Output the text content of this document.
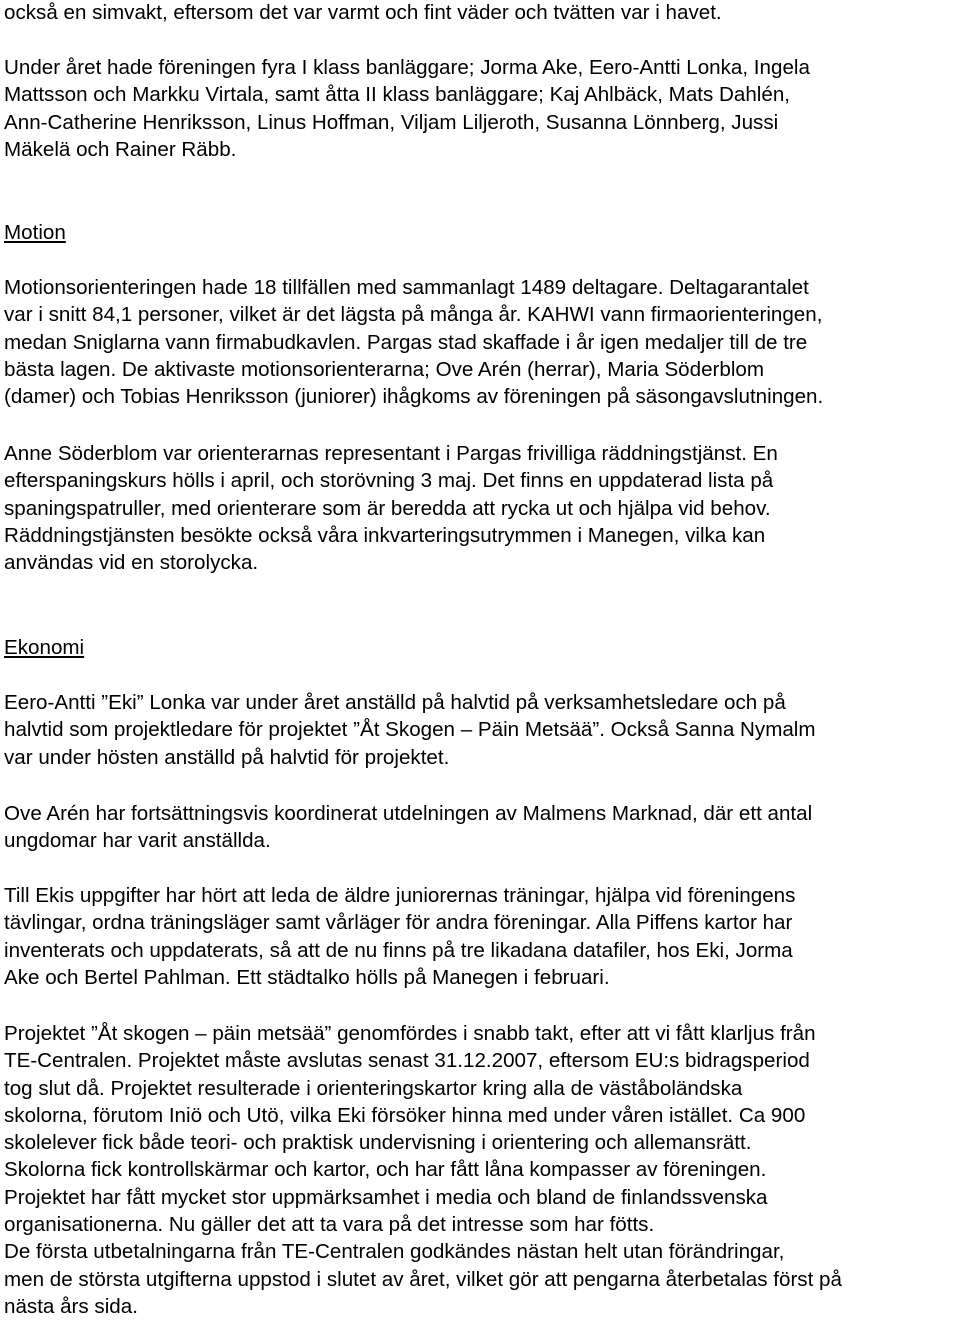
också en simvakt, eftersom det var varmt och fint väder och tvätten var i havet.

Under året hade föreningen fyra I klass banläggare; Jorma Ake, Eero-Antti Lonka, Ingela
Mattsson och Markku Virtala, samt åtta II klass banläggare; Kaj Ahlbäck, Mats Dahlén,
Ann-Catherine Henriksson, Linus Hoffman, Viljam Liljeroth, Susanna Lönnberg, Jussi
Mäkelä och Rainer Räbb.

Motion

Motionsorienteringen hade 18 tillfällen med sammanlagt 1489 deltagare. Deltagarantalet
var i snitt 84,1 personer, vilket är det lägsta på många år. KAHWI vann firmaorienteringen,
medan Sniglarna vann firmabudkavlen. Pargas stad skaffade i år igen medaljer till de tre
bästa lagen. De aktivaste motionsorienterarna; Ove Arén (herrar), Maria Söderblom
(damer) och Tobias Henriksson (juniorer) ihågkoms av föreningen på säsongavslutningen.

Anne Söderblom var orienterarnas representant i Pargas frivilliga räddningstjänst. En
efterspaningskurs hölls i april, och storövning 3 maj. Det finns en uppdaterad lista på
spaningspatruller, med orienterare som är beredda att rycka ut och hjälpa vid behov.
Räddningstjänsten besökte också våra inkvarteringsutrymmen i Manegen, vilka kan
användas vid en storolycka.

Ekonomi

Eero-Antti ”Eki” Lonka var under året anställd på halvtid på verksamhetsledare och på
halvtid som projektledare för projektet ”Åt Skogen – Päin Metsää”. Också Sanna Nymalm
var under hösten anställd på halvtid för projektet.

Ove Arén har fortsättningsvis koordinerat utdelningen av Malmens Marknad, där ett antal
ungdomar har varit anställda.

Till Ekis uppgifter har hört att leda de äldre juniorernas träningar, hjälpa vid föreningens
tävlingar, ordna träningsläger samt vårläger för andra föreningar. Alla Piffens kartor har
inventerats och uppdaterats, så att de nu finns på tre likadana datafiler, hos Eki, Jorma
Ake och Bertel Pahlman. Ett städtalko hölls på Manegen i februari.

Projektet ”Åt skogen – päin metsää” genomfördes i snabb takt, efter att vi fått klarljus från
TE-Centralen. Projektet måste avslutas senast 31.12.2007, eftersom EU:s bidragsperiod
tog slut då. Projektet resulterade i orienteringskartor kring alla de väståboländska
skolorna, förutom Iniö och Utö, vilka Eki försöker hinna med under våren istället. Ca 900
skolelever fick både teori- och praktisk undervisning i orientering och allemansrätt.
Skolorna fick kontrollskärmar och kartor, och har fått låna kompasser av föreningen.
Projektet har fått mycket stor uppmärksamhet i media och bland de finlandssvenska
organisationerna. Nu gäller det att ta vara på det intresse som har fötts.
De första utbetalningarna från TE-Centralen godkändes nästan helt utan förändringar,
men de största utgifterna uppstod i slutet av året, vilket gör att pengarna återbetalas först på
nästa års sida.
